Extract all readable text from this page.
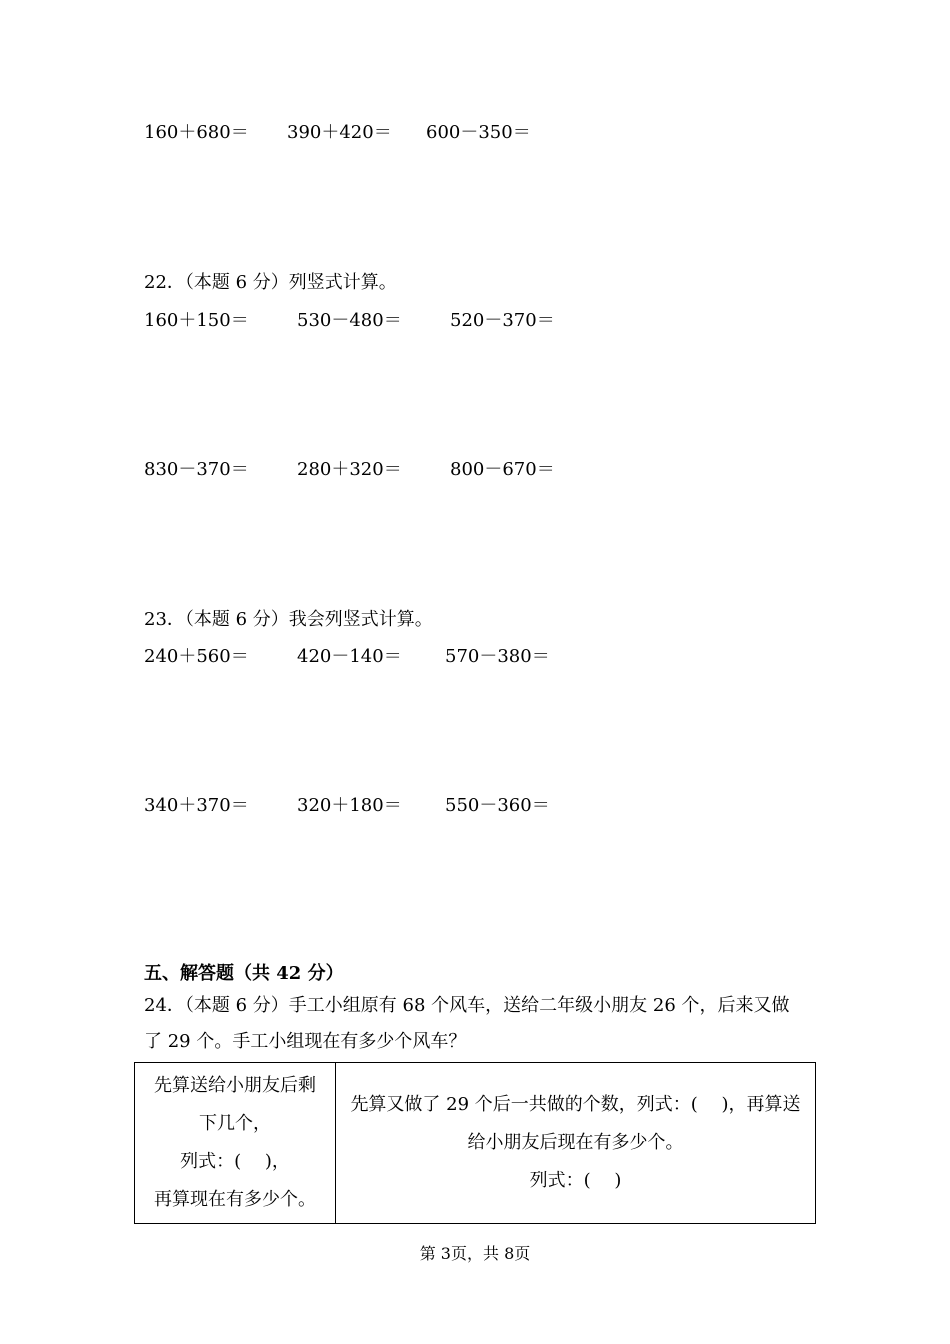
160＋680＝ 390＋420＝ 600－350＝
22．（本题 6 分）列竖式计算。
160＋150＝	530－480＝	520－370＝
830－370＝	280＋320＝	800－670＝
23．（本题 6 分）我会列竖式计算。
240＋560＝	420－140＝ 570－380＝
340＋370＝	320＋180＝ 550－360＝
五、解答题（共 42 分）
24．（本题 6 分）手工小组原有 68 个风车，送给二年级小朋友 26 个，后来又做
了 29 个。手工小组现在有多少个风车？
先算送给小朋友后剩
下几个，
列式：(　 )，
再算现在有多少个。

先算又做了 29 个后一共做的个数，列式：(　 )，再算送
给小朋友后现在有多少个。
列式：(　 )
第 3页，共 8页
